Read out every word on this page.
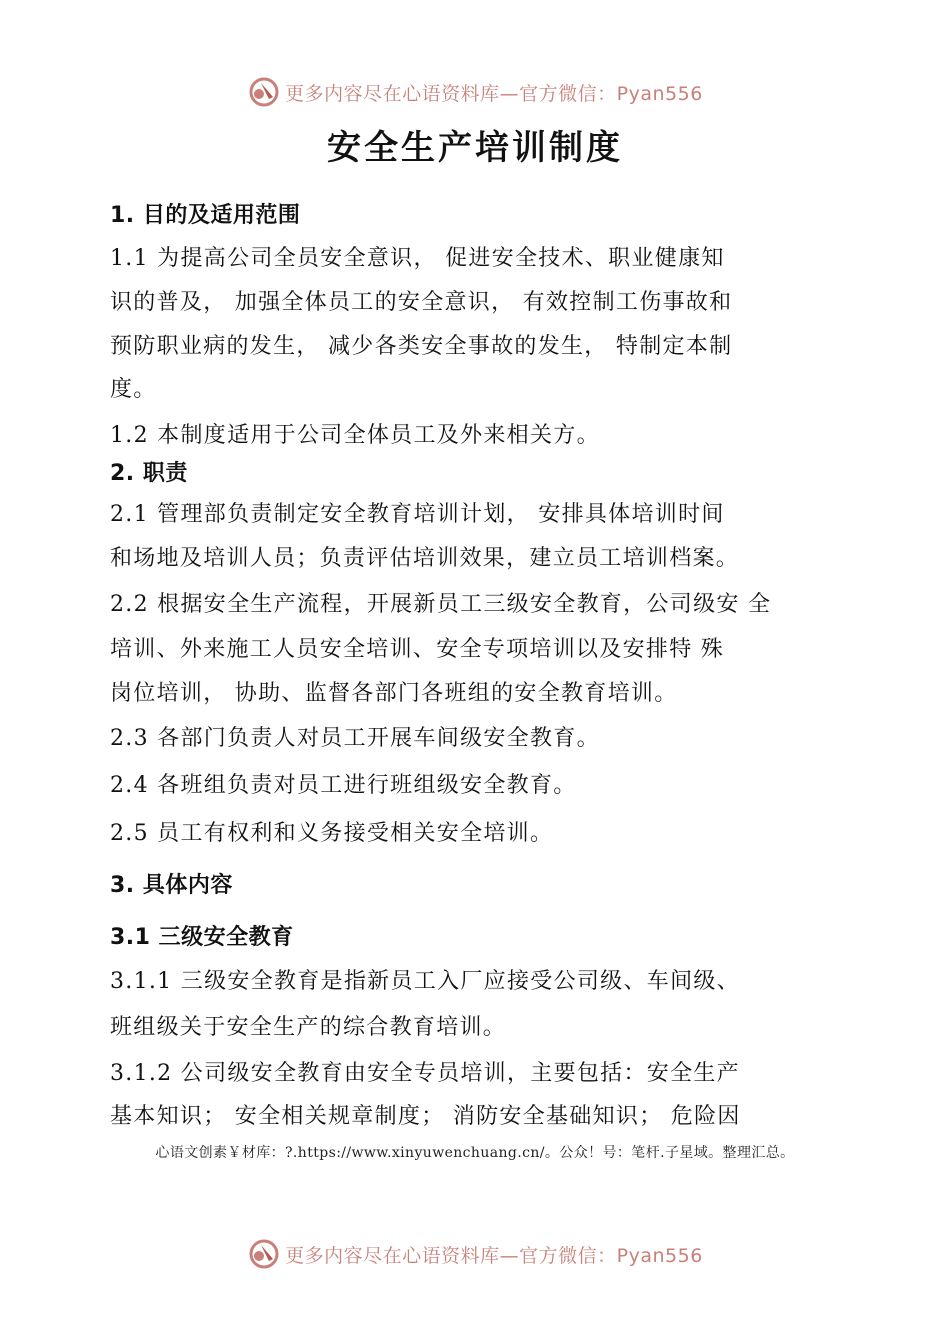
更多内容尽在心语资料库—官方微信：Pyan556
安全生产培训制度
1. 目的及适用范围
1.1 为提高公司全员安全意识， 促进安全技术、职业健康知
识的普及， 加强全体员工的安全意识， 有效控制工伤事故和
预防职业病的发生， 减少各类安全事故的发生， 特制定本制
度。
1.2 本制度适用于公司全体员工及外来相关方。
2. 职责
2.1 管理部负责制定安全教育培训计划， 安排具体培训时间
和场地及培训人员；负责评估培训效果，建立员工培训档案。
2.2 根据安全生产流程，开展新员工三级安全教育，公司级安 全
培训、外来施工人员安全培训、安全专项培训以及安排特 殊
岗位培训， 协助、监督各部门各班组的安全教育培训。
2.3 各部门负责人对员工开展车间级安全教育。
2.4 各班组负责对员工进行班组级安全教育。
2.5 员工有权利和义务接受相关安全培训。
3. 具体内容
3.1 三级安全教育
3.1.1 三级安全教育是指新员工入厂应接受公司级、车间级、
班组级关于安全生产的综合教育培训。
3.1.2 公司级安全教育由安全专员培训，主要包括：安全生产
基本知识； 安全相关规章制度； 消防安全基础知识； 危险因
心语文创素￥材库：?.https://www.xinyuwenchuang.cn/。公众！号：笔杆.子星域。整理汇总。
更多内容尽在心语资料库—官方微信：Pyan556
